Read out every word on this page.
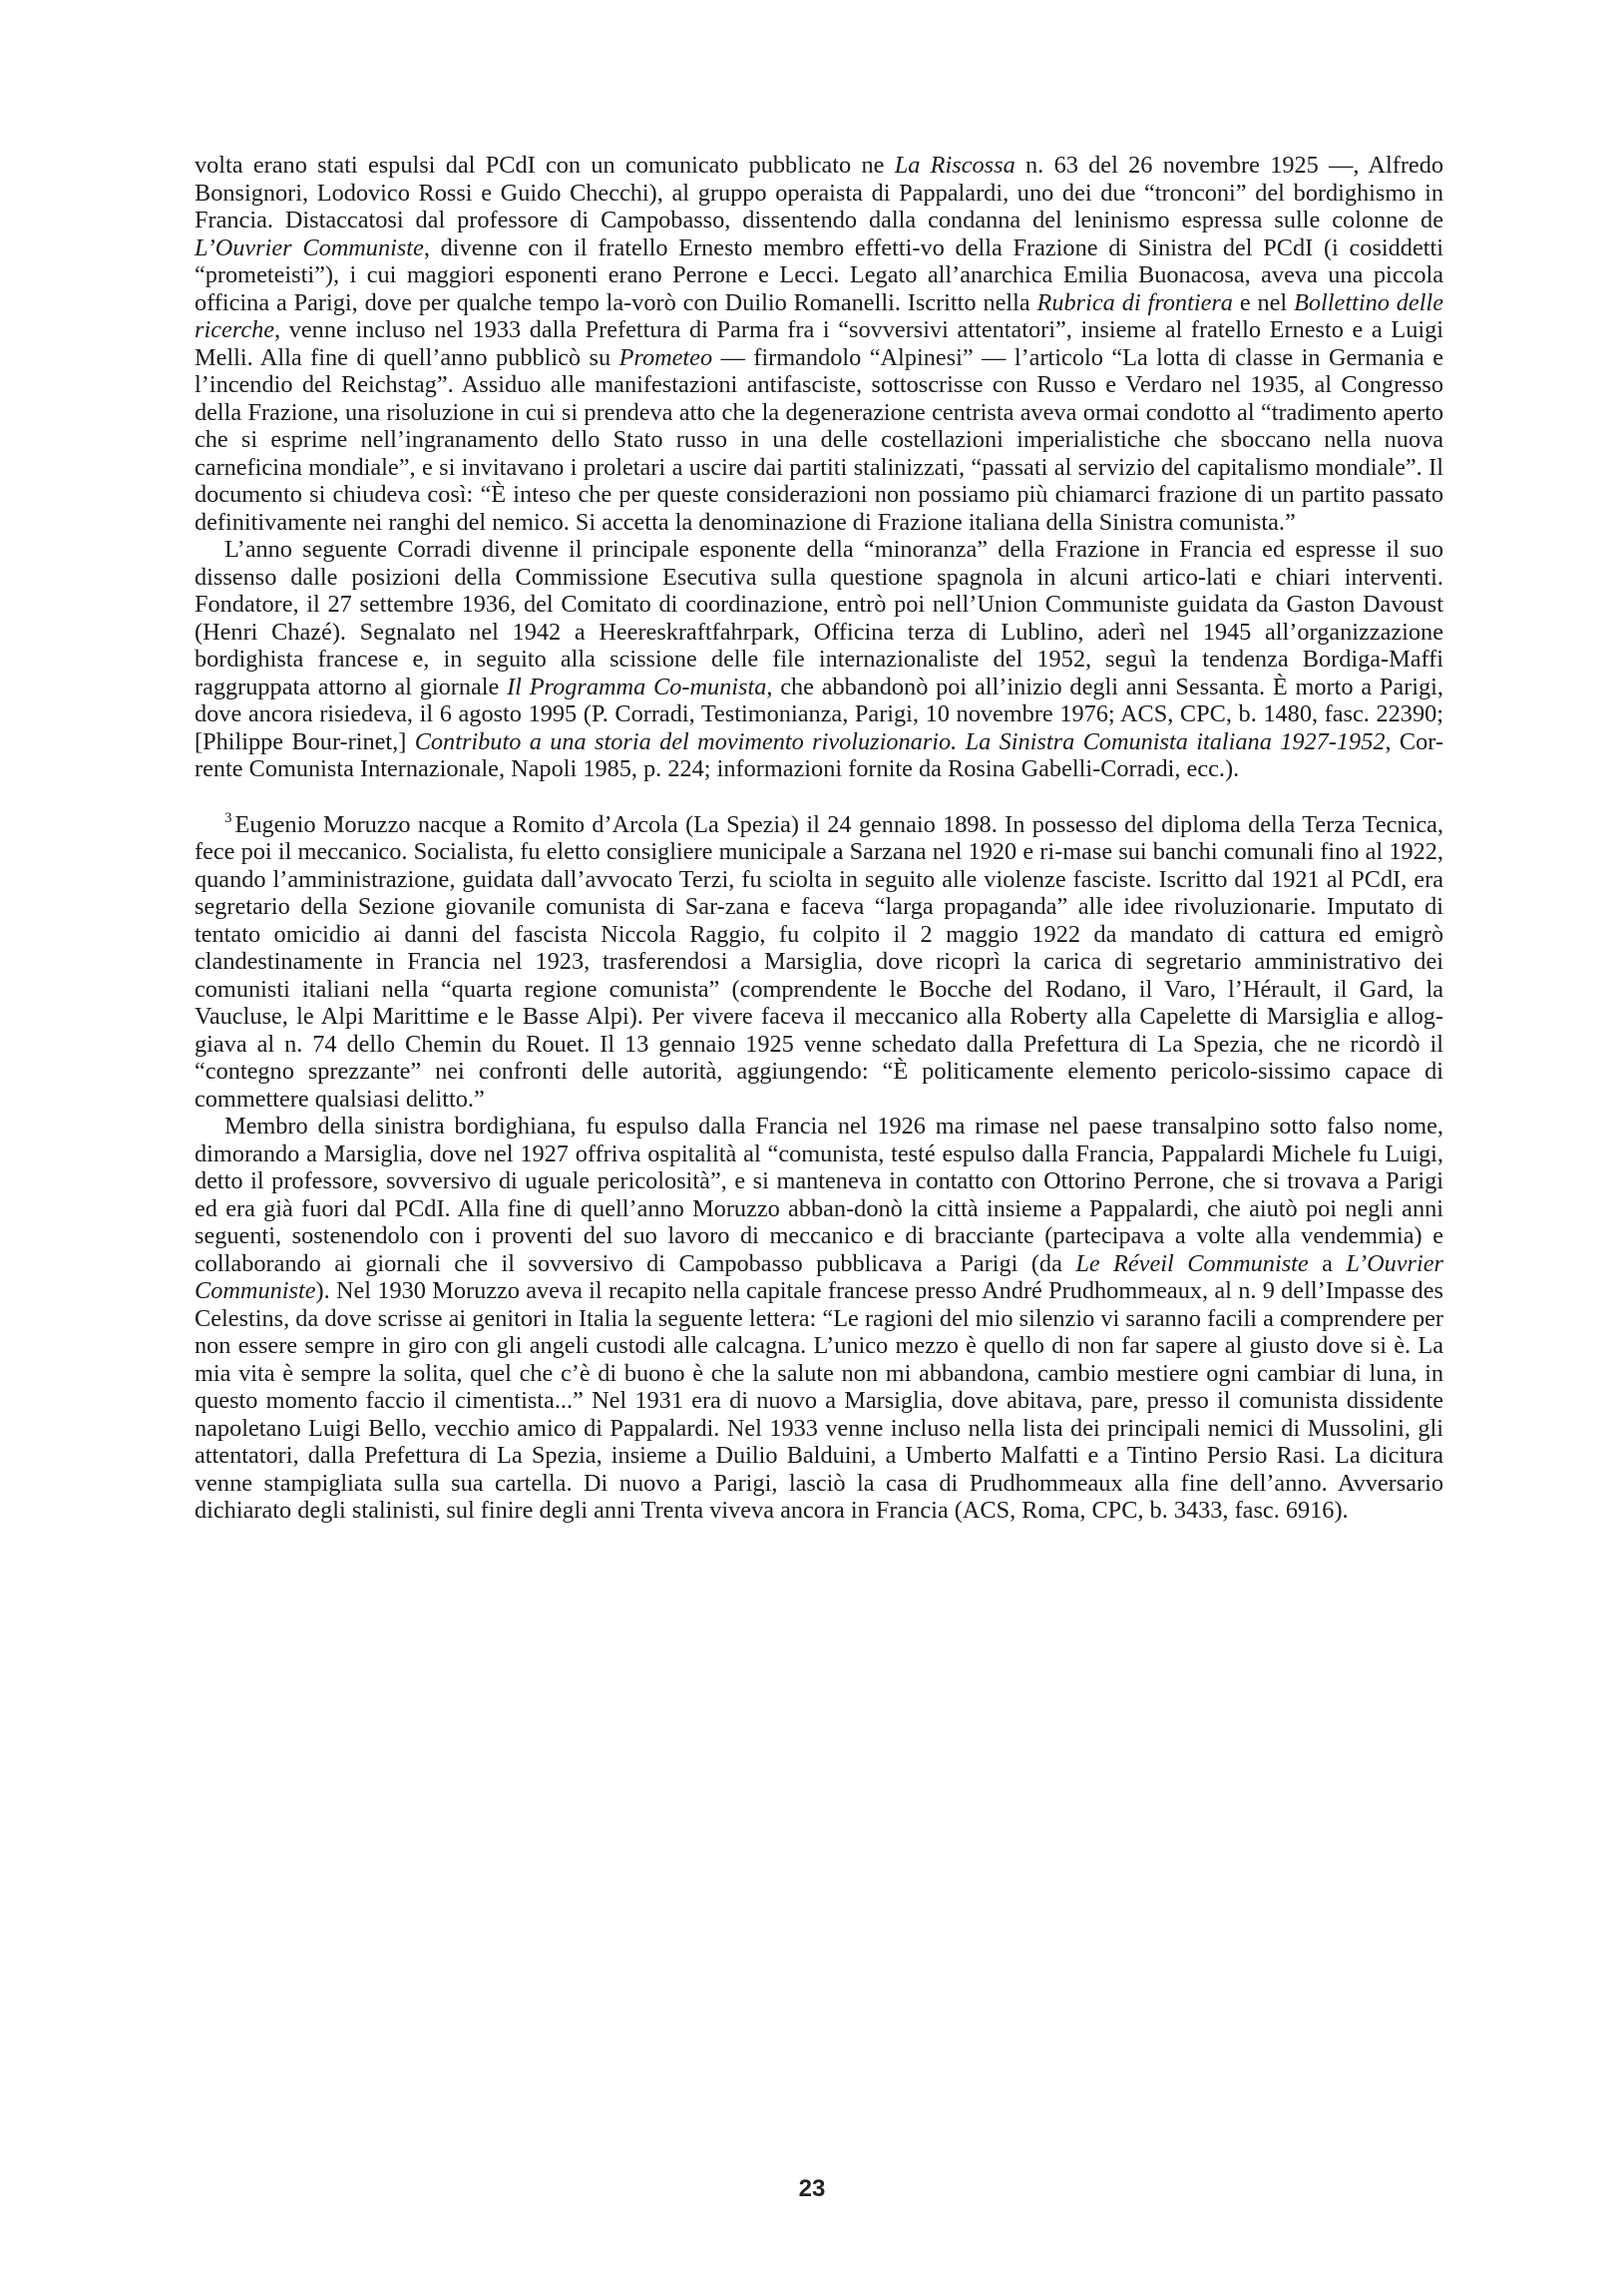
volta erano stati espulsi dal PCdI con un comunicato pubblicato ne La Riscossa n. 63 del 26 novembre 1925 —, Alfredo Bonsignori, Lodovico Rossi e Guido Checchi), al gruppo operaista di Pappalardi, uno dei due “tronconi” del bordighismo in Francia. Distaccatosi dal professore di Campobasso, dissentendo dalla condanna del leninismo espressa sulle colonne de L’Ouvrier Communiste, divenne con il fratello Ernesto membro effetti-vo della Frazione di Sinistra del PCdI (i cosiddetti “prometeisti”), i cui maggiori esponenti erano Perrone e Lecci. Legato all’anarchica Emilia Buonacosa, aveva una piccola officina a Parigi, dove per qualche tempo la-vorò con Duilio Romanelli. Iscritto nella Rubrica di frontiera e nel Bollettino delle ricerche, venne incluso nel 1933 dalla Prefettura di Parma fra i “sovversivi attentatori”, insieme al fratello Ernesto e a Luigi Melli. Alla fine di quell’anno pubblicò su Prometeo — firmandolo “Alpinesi” — l’articolo “La lotta di classe in Germania e l’incendio del Reichstag”. Assiduo alle manifestazioni antifasciste, sottoscrisse con Russo e Verdaro nel 1935, al Congresso della Frazione, una risoluzione in cui si prendeva atto che la degenerazione centrista aveva ormai condotto al “tradimento aperto che si esprime nell’ingranamento dello Stato russo in una delle costellazioni imperialistiche che sboccano nella nuova carneficina mondiale”, e si invitavano i proletari a uscire dai partiti stalinizzati, “passati al servizio del capitalismo mondiale”. Il documento si chiudeva così: “È inteso che per queste considerazioni non possiamo più chiamarci frazione di un partito passato definitivamente nei ranghi del nemico. Si accetta la denominazione di Frazione italiana della Sinistra comunista.”

L’anno seguente Corradi divenne il principale esponente della “minoranza” della Frazione in Francia ed espresse il suo dissenso dalle posizioni della Commissione Esecutiva sulla questione spagnola in alcuni artico-lati e chiari interventi. Fondatore, il 27 settembre 1936, del Comitato di coordinazione, entrò poi nell’Union Communiste guidata da Gaston Davoust (Henri Chazé). Segnalato nel 1942 a Heereskraftfahrpark, Officina terza di Lublino, aderì nel 1945 all’organizzazione bordighista francese e, in seguito alla scissione delle file internazionaliste del 1952, seguì la tendenza Bordiga-Maffi raggruppata attorno al giornale Il Programma Co-munista, che abbandonò poi all’inizio degli anni Sessanta. È morto a Parigi, dove ancora risiedeva, il 6 agosto 1995 (P. Corradi, Testimonianza, Parigi, 10 novembre 1976; ACS, CPC, b. 1480, fasc. 22390; [Philippe Bour-rinet,] Contributo a una storia del movimento rivoluzionario. La Sinistra Comunista italiana 1927-1952, Cor-rente Comunista Internazionale, Napoli 1985, p. 224; informazioni fornite da Rosina Gabelli-Corradi, ecc.).

$^3$ Eugenio Moruzzo nacque a Romito d’Arcola (La Spezia) il 24 gennaio 1898. In possesso del diploma della Terza Tecnica, fece poi il meccanico. Socialista, fu eletto consigliere municipale a Sarzana nel 1920 e ri-mase sui banchi comunali fino al 1922, quando l’amministrazione, guidata dall’avvocato Terzi, fu sciolta in seguito alle violenze fasciste. Iscritto dal 1921 al PCdI, era segretario della Sezione giovanile comunista di Sar-zana e faceva “larga propaganda” alle idee rivoluzionarie. Imputato di tentato omicidio ai danni del fascista Niccola Raggio, fu colpito il 2 maggio 1922 da mandato di cattura ed emigrò clandestinamente in Francia nel 1923, trasferendosi a Marsiglia, dove ricoprì la carica di segretario amministrativo dei comunisti italiani nella “quarta regione comunista” (comprendente le Bocche del Rodano, il Varo, l’Hérault, il Gard, la Vaucluse, le Alpi Marittime e le Basse Alpi). Per vivere faceva il meccanico alla Roberty alla Capelette di Marsiglia e allog-giava al n. 74 dello Chemin du Rouet. Il 13 gennaio 1925 venne schedato dalla Prefettura di La Spezia, che ne ricordò il “contegno sprezzante” nei confronti delle autorità, aggiungendo: “È politicamente elemento pericolo-sissimo capace di commettere qualsiasi delitto.”

Membro della sinistra bordighiana, fu espulso dalla Francia nel 1926 ma rimase nel paese transalpino sotto falso nome, dimorando a Marsiglia, dove nel 1927 offriva ospitalità al “comunista, testé espulso dalla Francia, Pappalardi Michele fu Luigi, detto il professore, sovversivo di uguale pericolosità”, e si manteneva in contatto con Ottorino Perrone, che si trovava a Parigi ed era già fuori dal PCdI. Alla fine di quell’anno Moruzzo abban-donò la città insieme a Pappalardi, che aiutò poi negli anni seguenti, sostenendolo con i proventi del suo lavoro di meccanico e di bracciante (partecipava a volte alla vendemmia) e collaborando ai giornali che il sovversivo di Campobasso pubblicava a Parigi (da Le Réveil Communiste a L’Ouvrier Communiste). Nel 1930 Moruzzo aveva il recapito nella capitale francese presso André Prudhommeaux, al n. 9 dell’Impasse des Celestins, da dove scrisse ai genitori in Italia la seguente lettera: “Le ragioni del mio silenzio vi saranno facili a comprendere per non essere sempre in giro con gli angeli custodi alle calcagna. L’unico mezzo è quello di non far sapere al giusto dove si è. La mia vita è sempre la solita, quel che c’è di buono è che la salute non mi abbandona, cambio mestiere ogni cambiar di luna, in questo momento faccio il cimentista...” Nel 1931 era di nuovo a Marsiglia, dove abitava, pare, presso il comunista dissidente napoletano Luigi Bello, vecchio amico di Pappalardi. Nel 1933 venne incluso nella lista dei principali nemici di Mussolini, gli attentatori, dalla Prefettura di La Spezia, insieme a Duilio Balduini, a Umberto Malfatti e a Tintino Persio Rasi. La dicitura venne stampigliata sulla sua cartella. Di nuovo a Parigi, lasciò la casa di Prudhommeaux alla fine dell’anno. Avversario dichiarato degli stalinisti, sul finire degli anni Trenta viveva ancora in Francia (ACS, Roma, CPC, b. 3433, fasc. 6916).

23
